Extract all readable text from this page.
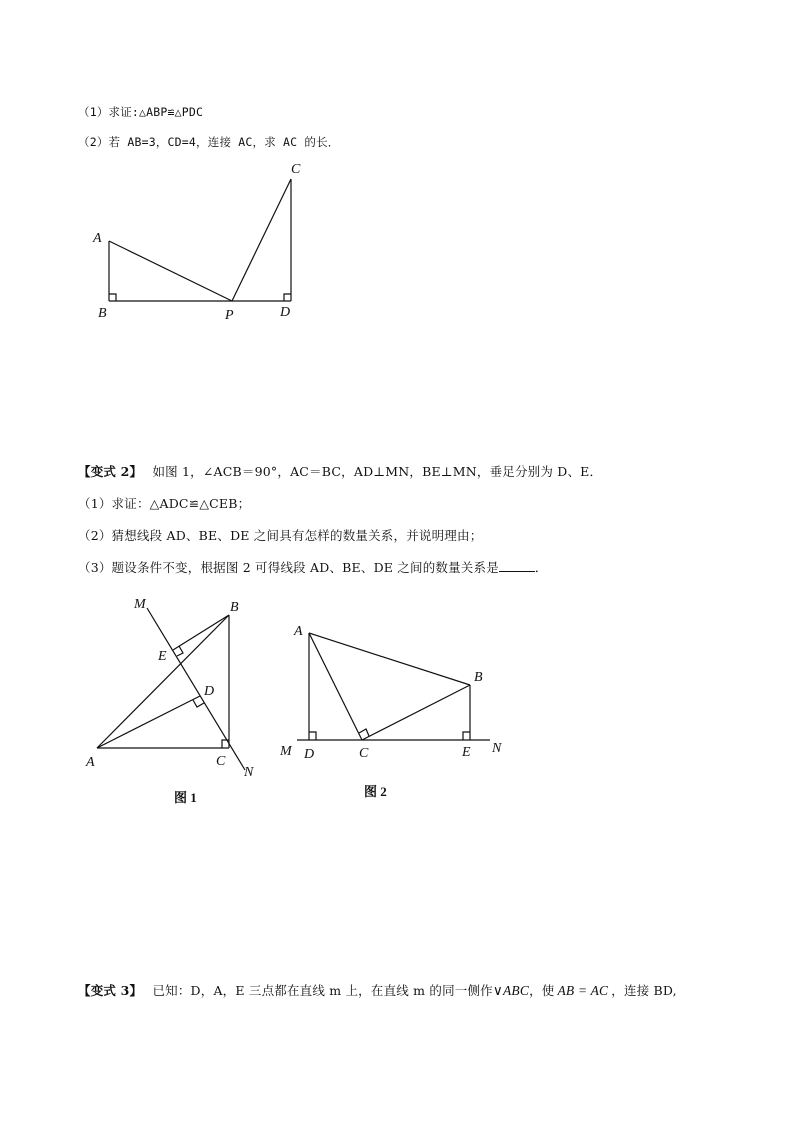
（1）求证:△ABP≌△PDC
（2）若 AB=3，CD=4，连接 AC，求 AC 的长．
A
B	P	D
C
【变式 2】 如图 1，∠ACB＝90°，AC＝BC，AD⊥MN，BE⊥MN，垂足分别为 D、E．
（1）求证：△ADC≌△CEB；
（2）猜想线段 AD、BE、DE 之间具有怎样的数量关系，并说明理由；
（3）题设条件不变，根据图 2 可得线段 AD、BE、DE 之间的数量关系是	．
M	B
E
D
A	C
N
图 1
A
B
M D	C	E N
图 2
【变式 3】 已知：D，A，E 三点都在直线 m 上，在直线 m 的同一侧作∨ABC，使 AB = AC ，连接 BD,
